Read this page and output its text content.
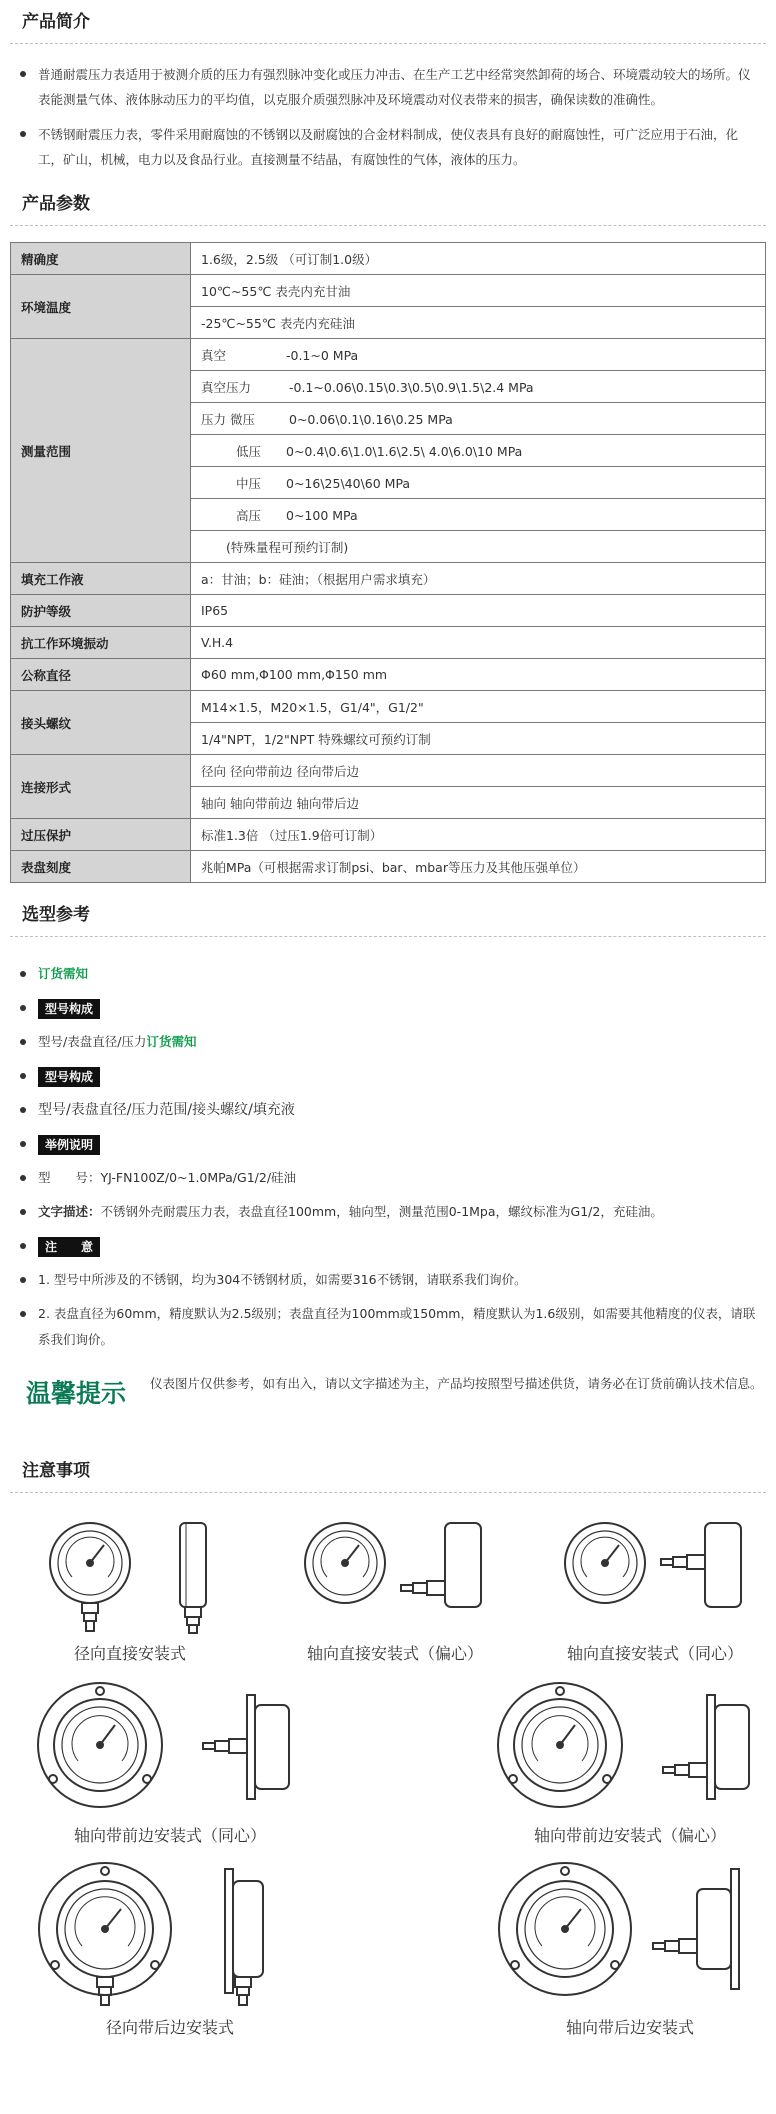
产品简介
普通耐震压力表适用于被测介质的压力有强烈脉冲变化或压力冲击、在生产工艺中经常突然卸荷的场合、环境震动较大的场所。仪表能测量气体、液体脉动压力的平均值，以克服介质强烈脉冲及环境震动对仪表带来的损害，确保读数的准确性。
不锈钢耐震压力表，零件采用耐腐蚀的不锈钢以及耐腐蚀的合金材料制成，使仪表具有良好的耐腐蚀性，可广泛应用于石油，化工，矿山，机械，电力以及食品行业。直接测量不结晶，有腐蚀性的气体，液体的压力。
产品参数
精确度	1.6级，2.5级 （可订制1.0级）
环境温度	10℃~55℃ 表壳内充甘油
	-25℃~55℃ 表壳内充硅油
测量范围	真空 -0.1~0 MPa
	真空压力 -0.1~0.06\0.15\0.3\0.5\0.9\1.5\2.4 MPa
	压力 微压 0~0.06\0.1\0.16\0.25 MPa
	低压 0~0.4\0.6\1.0\1.6\2.5\ 4.0\6.0\10 MPa
	中压 0~16\25\40\60 MPa
	高压 0~100 MPa
	(特殊量程可预约订制)
填充工作液	a：甘油；b：硅油；（根据用户需求填充）
防护等级	IP65
抗工作环境振动	V.H.4
公称直径	Φ60 mm,Φ100 mm,Φ150 mm
接头螺纹	M14×1.5，M20×1.5，G1/4"，G1/2"
	1/4"NPT，1/2"NPT 特殊螺纹可预约订制
连接形式	径向 径向带前边 径向带后边
	轴向 轴向带前边 轴向带后边
过压保护	标准1.3倍 （过压1.9倍可订制）
表盘刻度	兆帕MPa（可根据需求订制psi、bar、mbar等压力及其他压强单位）
选型参考
订货需知
型号构成
型号/表盘直径/压力订货需知
型号构成
型号/表盘直径/压力范围/接头螺纹/填充液
举例说明
型　　号：YJ-FN100Z/0~1.0MPa/G1/2/硅油
文字描述：不锈钢外壳耐震压力表，表盘直径100mm，轴向型，测量范围0-1Mpa，螺纹标准为G1/2，充硅油。
注　　意
1. 型号中所涉及的不锈钢，均为304不锈钢材质，如需要316不锈钢，请联系我们询价。
2. 表盘直径为60mm，精度默认为2.5级别；表盘直径为100mm或150mm，精度默认为1.6级别，如需要其他精度的仪表，请联系我们询价。
温馨提示	仪表图片仅供参考，如有出入，请以文字描述为主，产品均按照型号描述供货，请务必在订货前确认技术信息。
注意事项
径向直接安装式	轴向直接安装式（偏心）	轴向直接安装式（同心）
轴向带前边安装式（同心）	轴向带前边安装式（偏心）
径向带后边安装式	轴向带后边安装式
